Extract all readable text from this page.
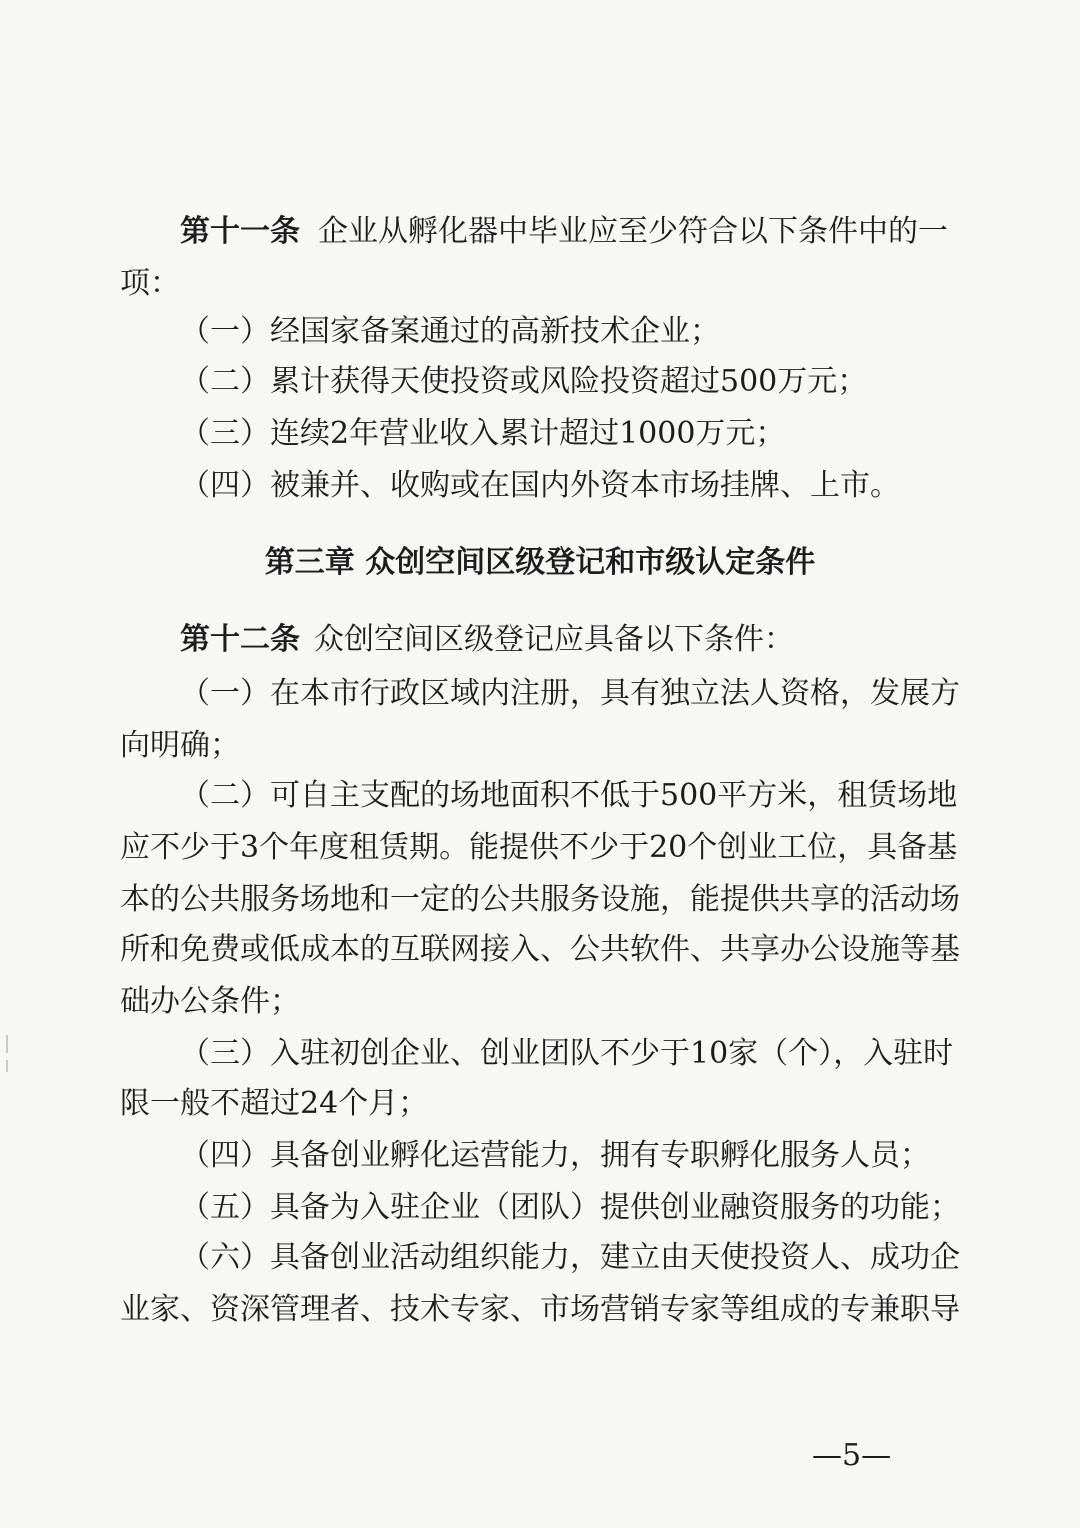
第十一条 企业从孵化器中毕业应至少符合以下条件中的一
项：
（一）经国家备案通过的高新技术企业；
（二）累计获得天使投资或风险投资超过500万元；
（三）连续2年营业收入累计超过1000万元；
（四）被兼并、收购或在国内外资本市场挂牌、上市。
第三章 众创空间区级登记和市级认定条件
第十二条 众创空间区级登记应具备以下条件：
（一）在本市行政区域内注册，具有独立法人资格，发展方
向明确；
（二）可自主支配的场地面积不低于500平方米，租赁场地
应不少于3个年度租赁期。能提供不少于20个创业工位，具备基
本的公共服务场地和一定的公共服务设施，能提供共享的活动场
所和免费或低成本的互联网接入、公共软件、共享办公设施等基
础办公条件；
（三）入驻初创企业、创业团队不少于10家（个），入驻时
限一般不超过24个月；
（四）具备创业孵化运营能力，拥有专职孵化服务人员；
（五）具备为入驻企业（团队）提供创业融资服务的功能；
（六）具备创业活动组织能力，建立由天使投资人、成功企
业家、资深管理者、技术专家、市场营销专家等组成的专兼职导
—5—
